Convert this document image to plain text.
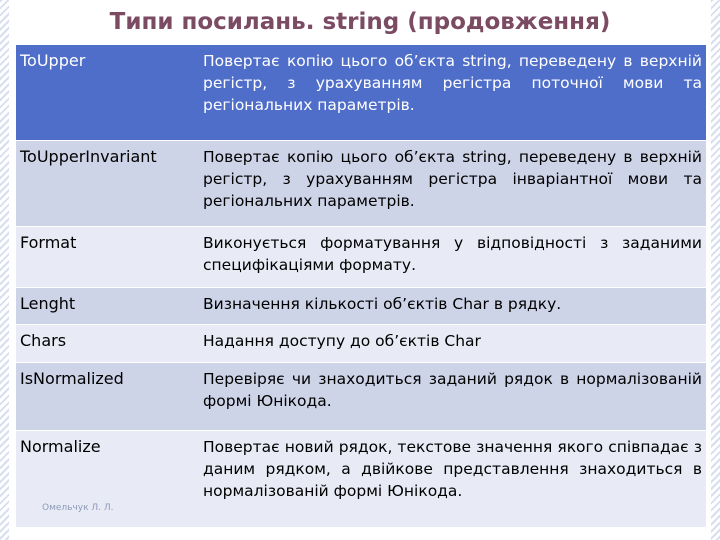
Типи посилань. string (продовження)
ToUpper	Повертає копію цього об’єкта string, переведену в верхній регістр, з урахуванням регістра поточної мови та регіональних параметрів.
ToUpperInvariant	Повертає копію цього об’єкта string, переведену в верхній регістр, з урахуванням регістра інваріантної мови та регіональних параметрів.
Format	Виконується форматування у відповідності з заданими специфікаціями формату.
Lenght	Визначення кількості об’єктів Char в рядку.
Chars	Надання доступу до об’єктів Char
IsNormalized	Перевіряє чи знаходиться заданий рядок в нормалізованій формі Юнікода.
Normalize	Повертає новий рядок, текстове значення якого співпадає з даним рядком, а двійкове представлення знаходиться в нормалізованій формі Юнікода.
Омельчук Л. Л.
